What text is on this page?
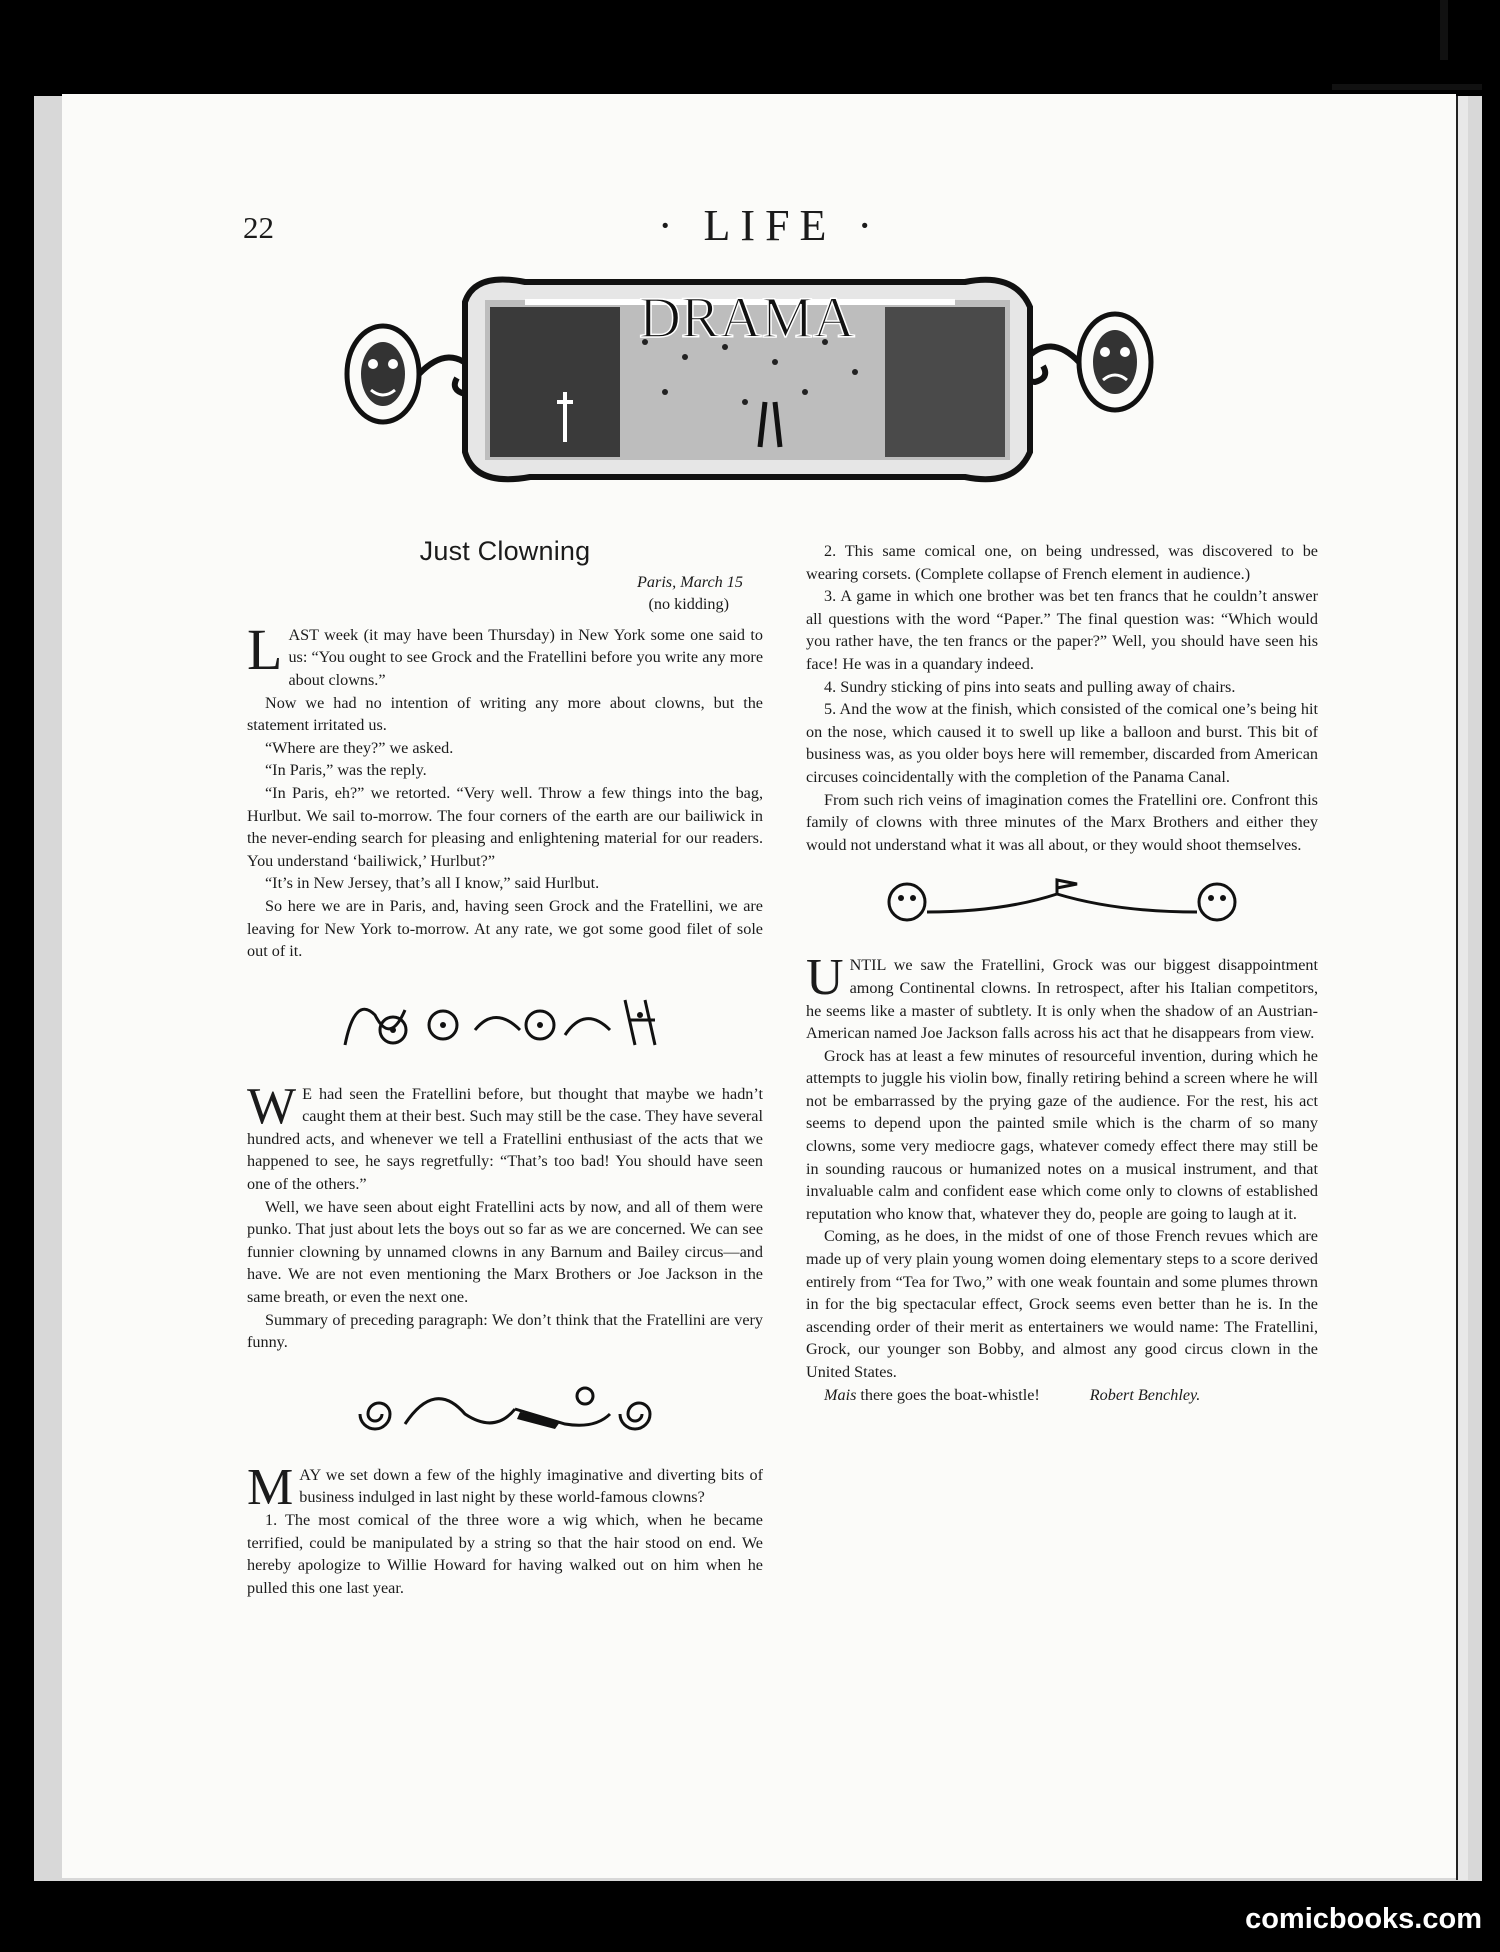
22	· LIFE ·
DRAMA
Just Clowning
Paris, March 15
(no kidding)

LAST week (it may have been Thursday) in New York some one said to us: “You ought to see Grock and the Fratellini before you write any more about clowns.”

Now we had no intention of writing any more about clowns, but the statement irritated us.

“Where are they?” we asked.

“In Paris,” was the reply.

“In Paris, eh?” we retorted. “Very well. Throw a few things into the bag, Hurlbut. We sail to-morrow. The four corners of the earth are our bailiwick in the never-ending search for pleasing and enlightening material for our readers. You understand ‘bailiwick,’ Hurlbut?”

“It’s in New Jersey, that’s all I know,” said Hurlbut.

So here we are in Paris, and, having seen Grock and the Fratellini, we are leaving for New York to-morrow. At any rate, we got some good filet of sole out of it.

W E had seen the Fratellini before, but thought that maybe we hadn’t caught them at their best. Such may still be the case. They have several hundred acts, and whenever we tell a Fratellini enthusiast of the acts that we happened to see, he says regretfully: “That’s too bad! You should have seen one of the others.”

Well, we have seen about eight Fratellini acts by now, and all of them were punko. That just about lets the boys out so far as we are concerned. We can see funnier clowning by unnamed clowns in any Barnum and Bailey circus—and have. We are not even mentioning the Marx Brothers or Joe Jackson in the same breath, or even the next one.

Summary of preceding paragraph: We don’t think that the Fratellini are very funny.

MAY we set down a few of the highly imaginative and diverting bits of business indulged in last night by these world-famous clowns?

1. The most comical of the three wore a wig which, when he became terrified, could be manipulated by a string so that the hair stood on end. We hereby apologize to Willie Howard for having walked out on him when he pulled this one last year.

2. This same comical one, on being undressed, was discovered to be wearing corsets. (Complete collapse of French element in audience.)

3. A game in which one brother was bet ten francs that he couldn’t answer all questions with the word “Paper.” The final question was: “Which would you rather have, the ten francs or the paper?” Well, you should have seen his face! He was in a quandary indeed.

4. Sundry sticking of pins into seats and pulling away of chairs.

5. And the wow at the finish, which consisted of the comical one’s being hit on the nose, which caused it to swell up like a balloon and burst. This bit of business was, as you older boys here will remember, discarded from American circuses coincidentally with the completion of the Panama Canal.

From such rich veins of imagination comes the Fratellini ore. Confront this family of clowns with three minutes of the Marx Brothers and either they would not understand what it was all about, or they would shoot themselves.

UNTIL we saw the Fratellini, Grock was our biggest disappointment among Continental clowns. In retrospect, after his Italian competitors, he seems like a master of subtlety. It is only when the shadow of an Austrian-American named Joe Jackson falls across his act that he disappears from view.

Grock has at least a few minutes of resourceful invention, during which he attempts to juggle his violin bow, finally retiring behind a screen where he will not be embarrassed by the prying gaze of the audience. For the rest, his act seems to depend upon the painted smile which is the charm of so many clowns, some very mediocre gags, whatever comedy effect there may still be in sounding raucous or humanized notes on a musical instrument, and that invaluable calm and confident ease which come only to clowns of established reputation who know that, whatever they do, people are going to laugh at it.

Coming, as he does, in the midst of one of those French revues which are made up of very plain young women doing elementary steps to a score derived entirely from “Tea for Two,” with one weak fountain and some plumes thrown in for the big spectacular effect, Grock seems even better than he is. In the ascending order of their merit as entertainers we would name: The Fratellini, Grock, our younger son Bobby, and almost any good circus clown in the United States.

Mais there goes the boat-whistle!	Robert Benchley.

comicbooks.com
